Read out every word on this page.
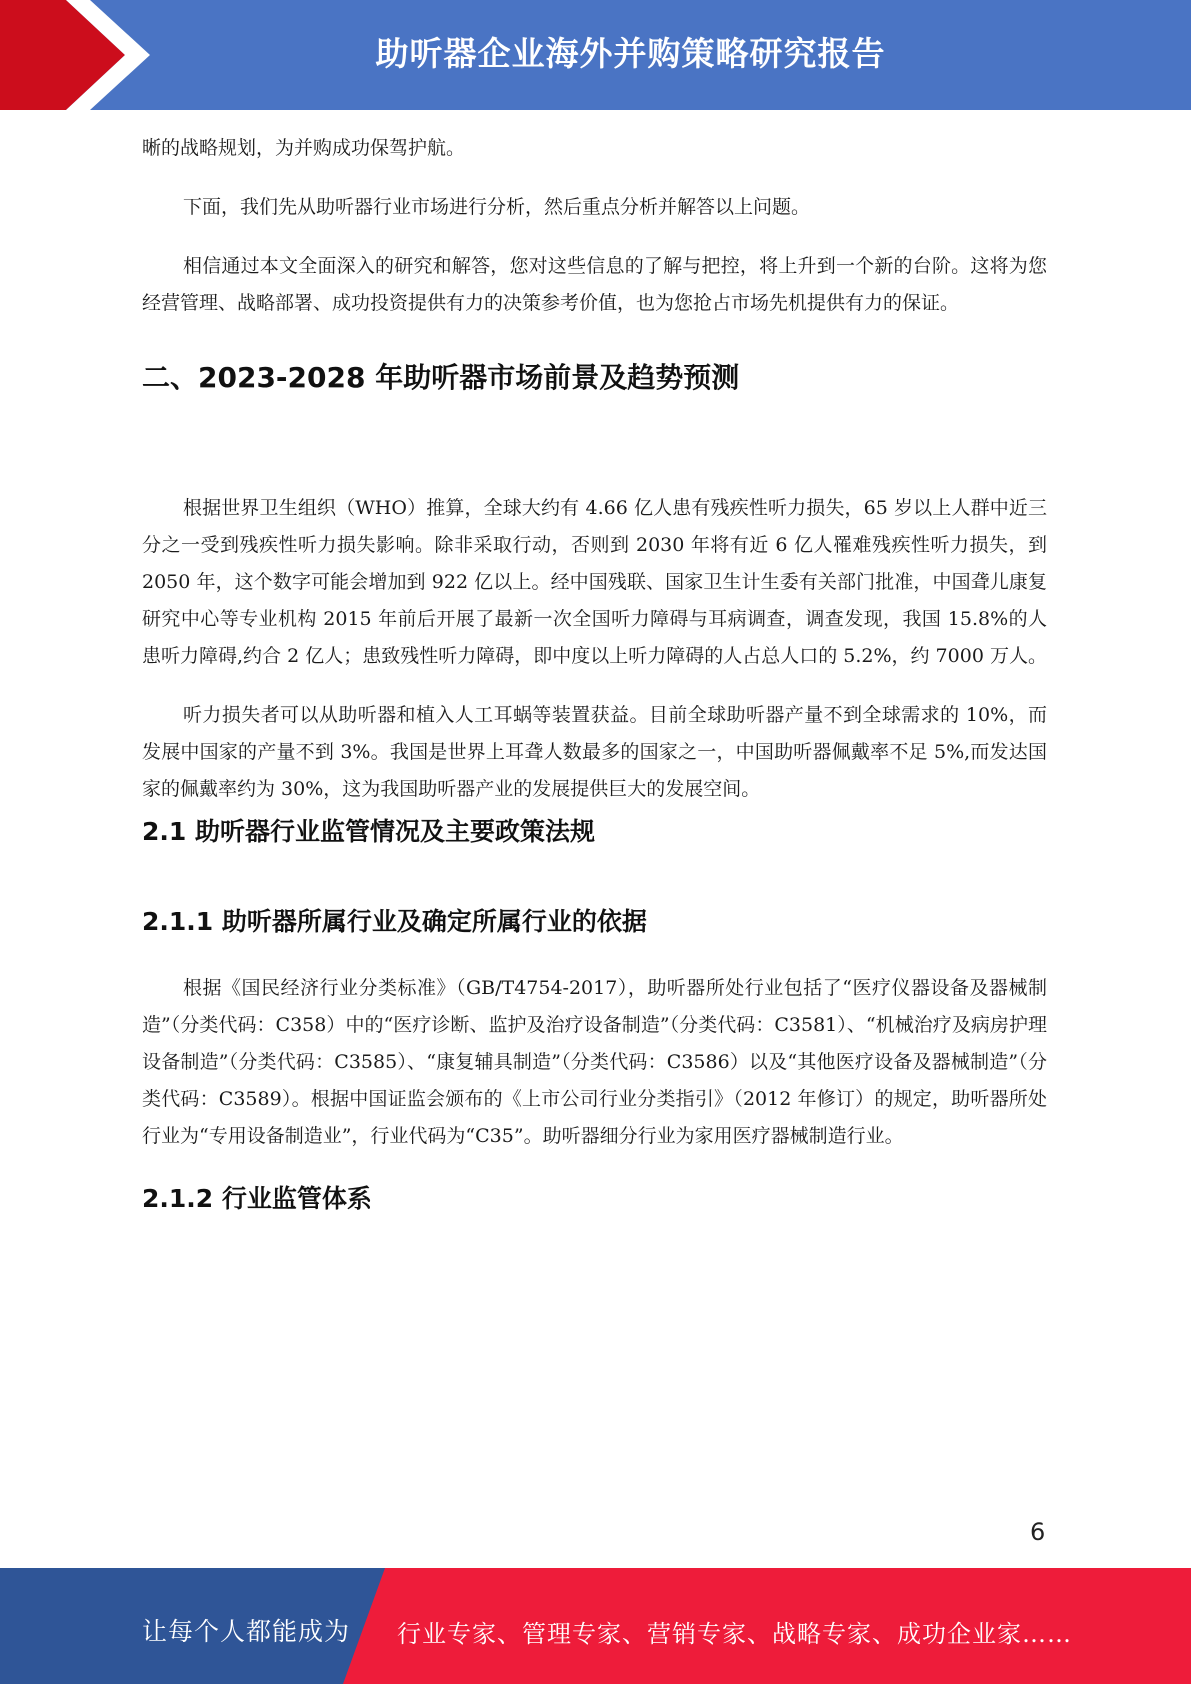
助听器企业海外并购策略研究报告

晰的战略规划，为并购成功保驾护航。

下面，我们先从助听器行业市场进行分析，然后重点分析并解答以上问题。

相信通过本文全面深入的研究和解答，您对这些信息的了解与把控，将上升到一个新的台阶。这将为您经营管理、战略部署、成功投资提供有力的决策参考价值，也为您抢占市场先机提供有力的保证。

二、2023-2028 年助听器市场前景及趋势预测

根据世界卫生组织（WHO）推算，全球大约有 4.66 亿人患有残疾性听力损失，65 岁以上人群中近三分之一受到残疾性听力损失影响。除非采取行动，否则到 2030 年将有近 6 亿人罹难残疾性听力损失，到 2050 年，这个数字可能会增加到 922 亿以上。经中国残联、国家卫生计生委有关部门批准，中国聋儿康复研究中心等专业机构 2015 年前后开展了最新一次全国听力障碍与耳病调查，调查发现，我国 15.8%的人患听力障碍,约合 2 亿人；患致残性听力障碍，即中度以上听力障碍的人占总人口的 5.2%，约 7000 万人。

听力损失者可以从助听器和植入人工耳蜗等装置获益。目前全球助听器产量不到全球需求的 10%，而发展中国家的产量不到 3%。我国是世界上耳聋人数最多的国家之一，中国助听器佩戴率不足 5%,而发达国家的佩戴率约为 30%，这为我国助听器产业的发展提供巨大的发展空间。

2.1 助听器行业监管情况及主要政策法规
2.1.1 助听器所属行业及确定所属行业的依据

根据《国民经济行业分类标准》（GB/T4754-2017），助听器所处行业包括了“医疗仪器设备及器械制造”（分类代码：C358）中的“医疗诊断、监护及治疗设备制造”（分类代码：C3581）、“机械治疗及病房护理设备制造”（分类代码：C3585）、“康复辅具制造”（分类代码：C3586）以及“其他医疗设备及器械制造”（分类代码：C3589）。根据中国证监会颁布的《上市公司行业分类指引》（2012 年修订）的规定，助听器所处行业为“专用设备制造业”，行业代码为“C35”。助听器细分行业为家用医疗器械制造行业。

2.1.2 行业监管体系
6
让每个人都能成为 行业专家、管理专家、营销专家、战略专家、成功企业家……
